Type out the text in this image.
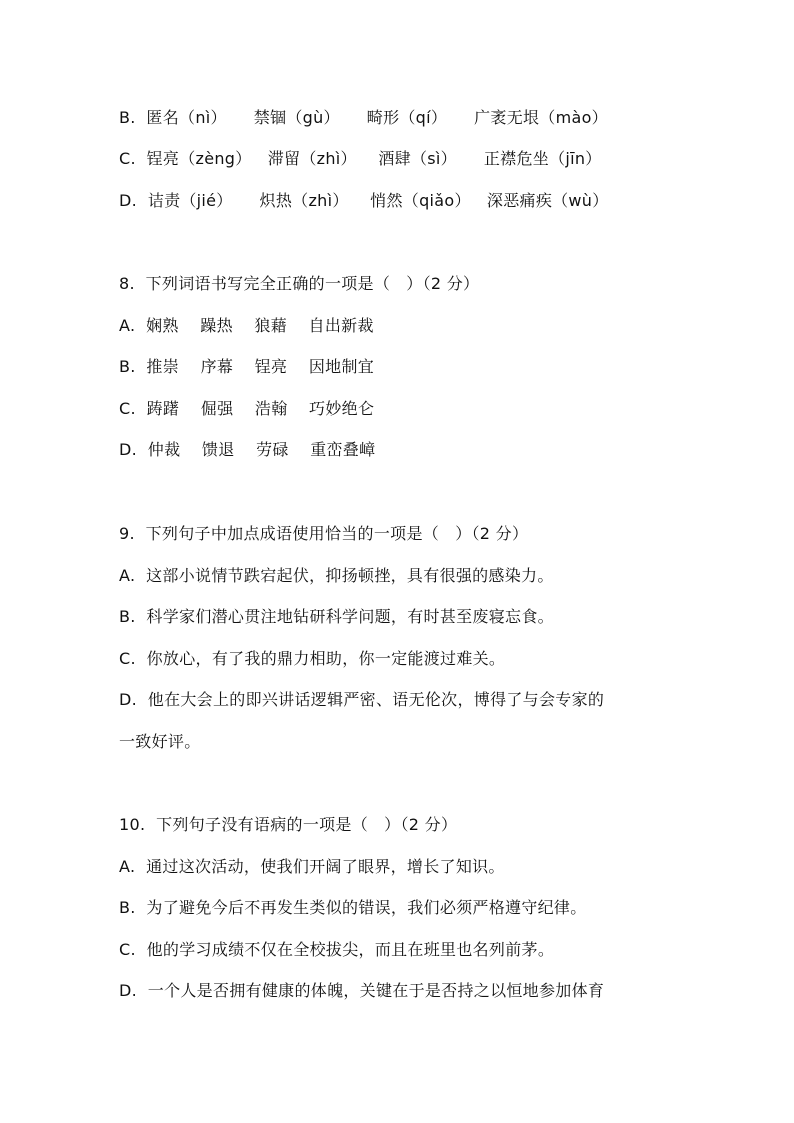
B.  匿名（nì）     禁锢（gù）     畸形（qí）     广袤无垠（mào）
C.  锃亮（zèng）   滞留（zhì）    酒肆（sì）     正襟危坐（jīn）
D.  诘责（jié）     炽热（zhì）    悄然（qiǎo）   深恶痛疾（wù）
8.  下列词语书写完全正确的一项是（   ）（2 分）
A.  娴熟    躁热    狼藉    自出新裁
B.  推崇    序幕    锃亮    因地制宜
C.  踌躇    倔强    浩翰    巧妙绝仑
D.  仲裁    馈退    劳碌    重峦叠嶂
9.  下列句子中加点成语使用恰当的一项是（   ）（2 分）
A.  这部小说情节跌宕起伏，抑扬顿挫，具有很强的感染力。
B.  科学家们潜心贯注地钻研科学问题，有时甚至废寝忘食。
C.  你放心，有了我的鼎力相助，你一定能渡过难关。
D.  他在大会上的即兴讲话逻辑严密、语无伦次，博得了与会专家的
一致好评。
10.  下列句子没有语病的一项是（   ）（2 分）
A.  通过这次活动，使我们开阔了眼界，增长了知识。
B.  为了避免今后不再发生类似的错误，我们必须严格遵守纪律。
C.  他的学习成绩不仅在全校拔尖，而且在班里也名列前茅。
D.  一个人是否拥有健康的体魄，关键在于是否持之以恒地参加体育
